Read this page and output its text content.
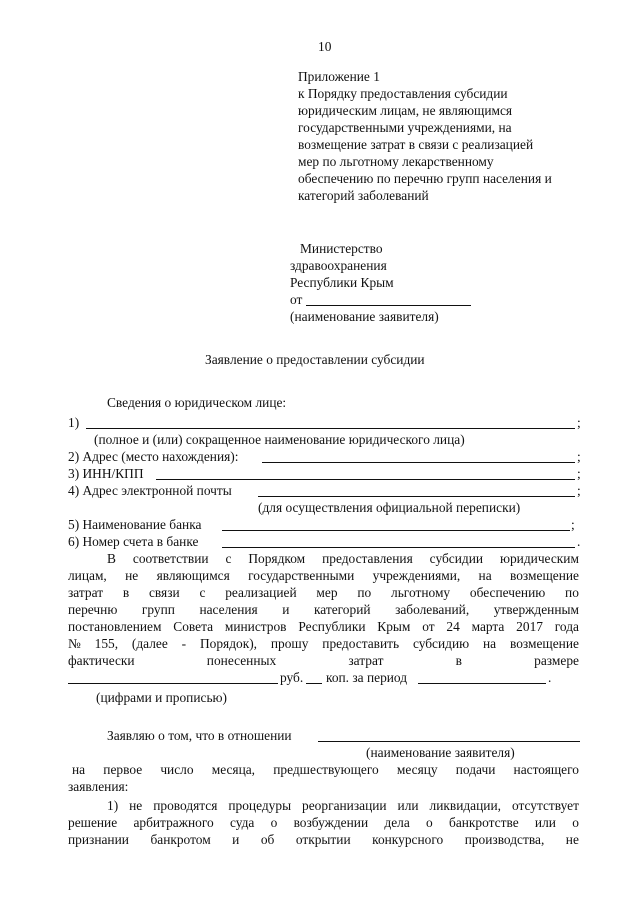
10
Приложение 1
к Порядку предоставления субсидии
юридическим лицам, не являющимся
государственными учреждениями, на
возмещение затрат в связи с реализацией
мер по льготному лекарственному
обеспечению по перечню групп населения и
категорий заболеваний
Министерство
здравоохранения
Республики Крым
от
(наименование заявителя)
Заявление о предоставлении субсидии
Сведения о юридическом лице:
1)	;
(полное и (или) сокращенное наименование юридического лица)
2) Адрес (место нахождения):	;
3) ИНН/КПП	;
4) Адрес электронной почты	;
(для осуществления официальной переписки)
5) Наименование банка	;
6) Номер счета в банке	.
В соответствии с Порядком предоставления субсидии юридическим
лицам, не являющимся государственными учреждениями, на возмещение
затрат в связи с реализацией мер по льготному обеспечению по
перечню групп населения и категорий заболеваний, утвержденным
постановлением Совета министров Республики Крым от 24 марта 2017 года
№ 155, (далее - Порядок), прошу предоставить субсидию на возмещение
фактически	понесенных	затрат	в	размере
руб. коп. за период	.
(цифрами и прописью)
Заявляю о том, что в отношении
(наименование заявителя)
на первое число месяца, предшествующего месяцу подачи настоящего
заявления:
1) не проводятся процедуры реорганизации или ликвидации, отсутствует
решение арбитражного суда о возбуждении дела о банкротстве или о
признании банкротом и об открытии конкурсного производства, не
